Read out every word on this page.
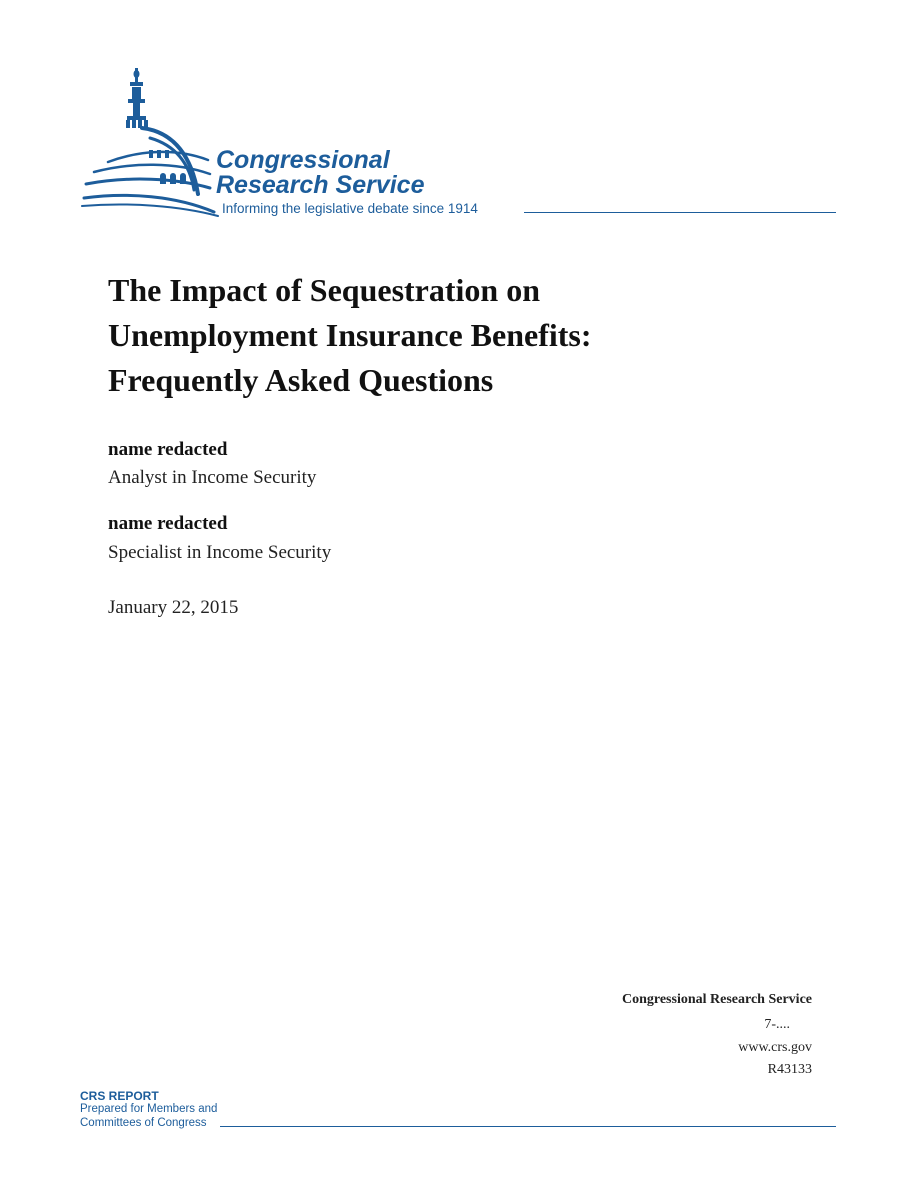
Congressional
Research Service
Informing the legislative debate since 1914
The Impact of Sequestration on Unemployment Insurance Benefits: Frequently Asked Questions
name redacted
Analyst in Income Security
name redacted
Specialist in Income Security
January 22, 2015
Congressional Research Service
7-....
www.crs.gov
R43133
CRS REPORT
Prepared for Members and
Committees of Congress
